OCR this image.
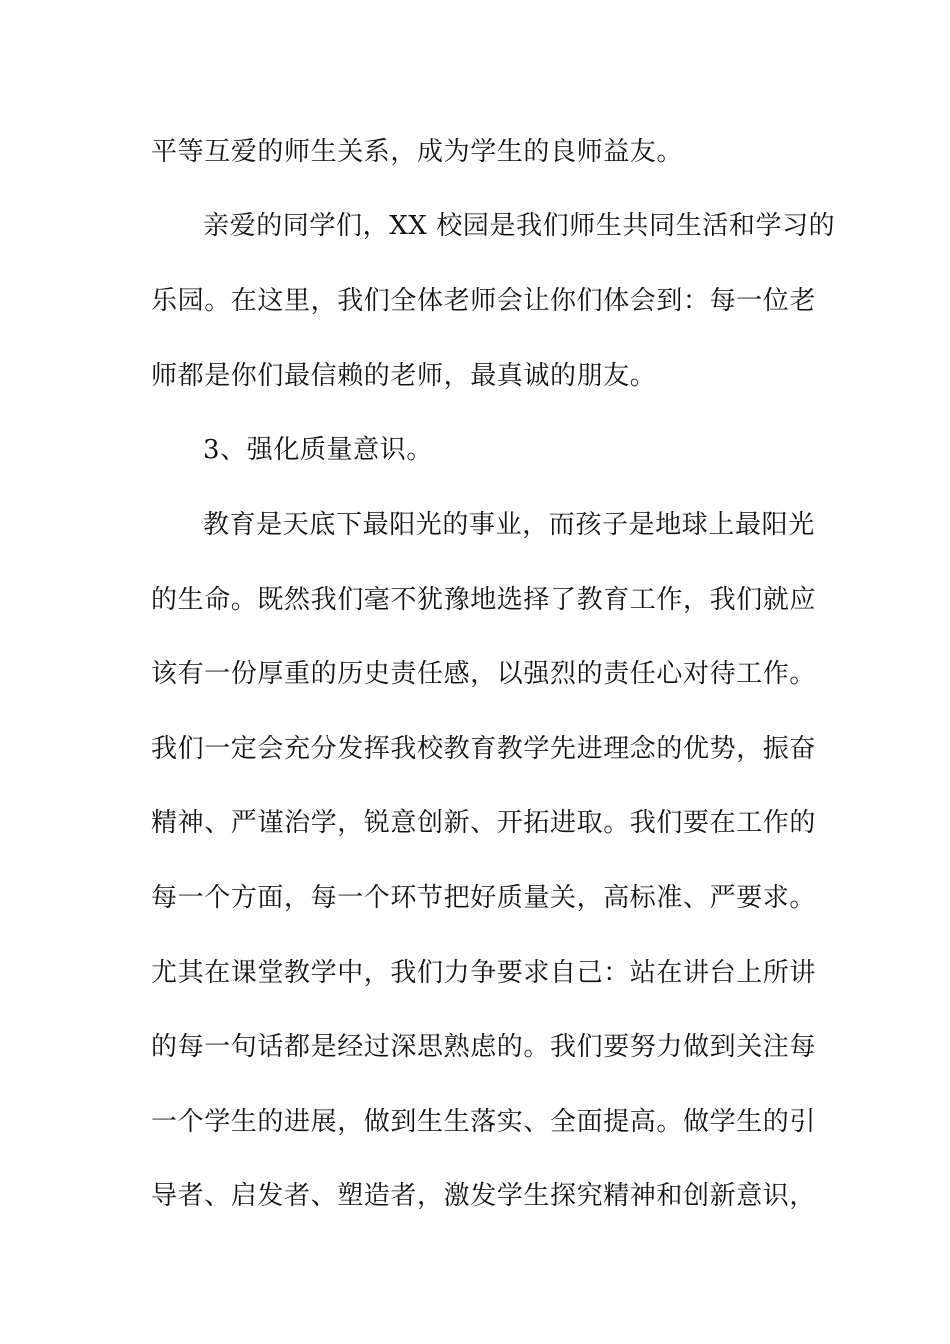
平等互爱的师生关系，成为学生的良师益友。
亲爱的同学们，XX 校园是我们师生共同生活和学习的
乐园。在这里，我们全体老师会让你们体会到：每一位老
师都是你们最信赖的老师，最真诚的朋友。
3、强化质量意识。
教育是天底下最阳光的事业，而孩子是地球上最阳光
的生命。既然我们毫不犹豫地选择了教育工作，我们就应
该有一份厚重的历史责任感，以强烈的责任心对待工作。
我们一定会充分发挥我校教育教学先进理念的优势，振奋
精神、严谨治学，锐意创新、开拓进取。我们要在工作的
每一个方面，每一个环节把好质量关，高标准、严要求。
尤其在课堂教学中，我们力争要求自己：站在讲台上所讲
的每一句话都是经过深思熟虑的。我们要努力做到关注每
一个学生的进展，做到生生落实、全面提高。做学生的引
导者、启发者、塑造者，激发学生探究精神和创新意识，
